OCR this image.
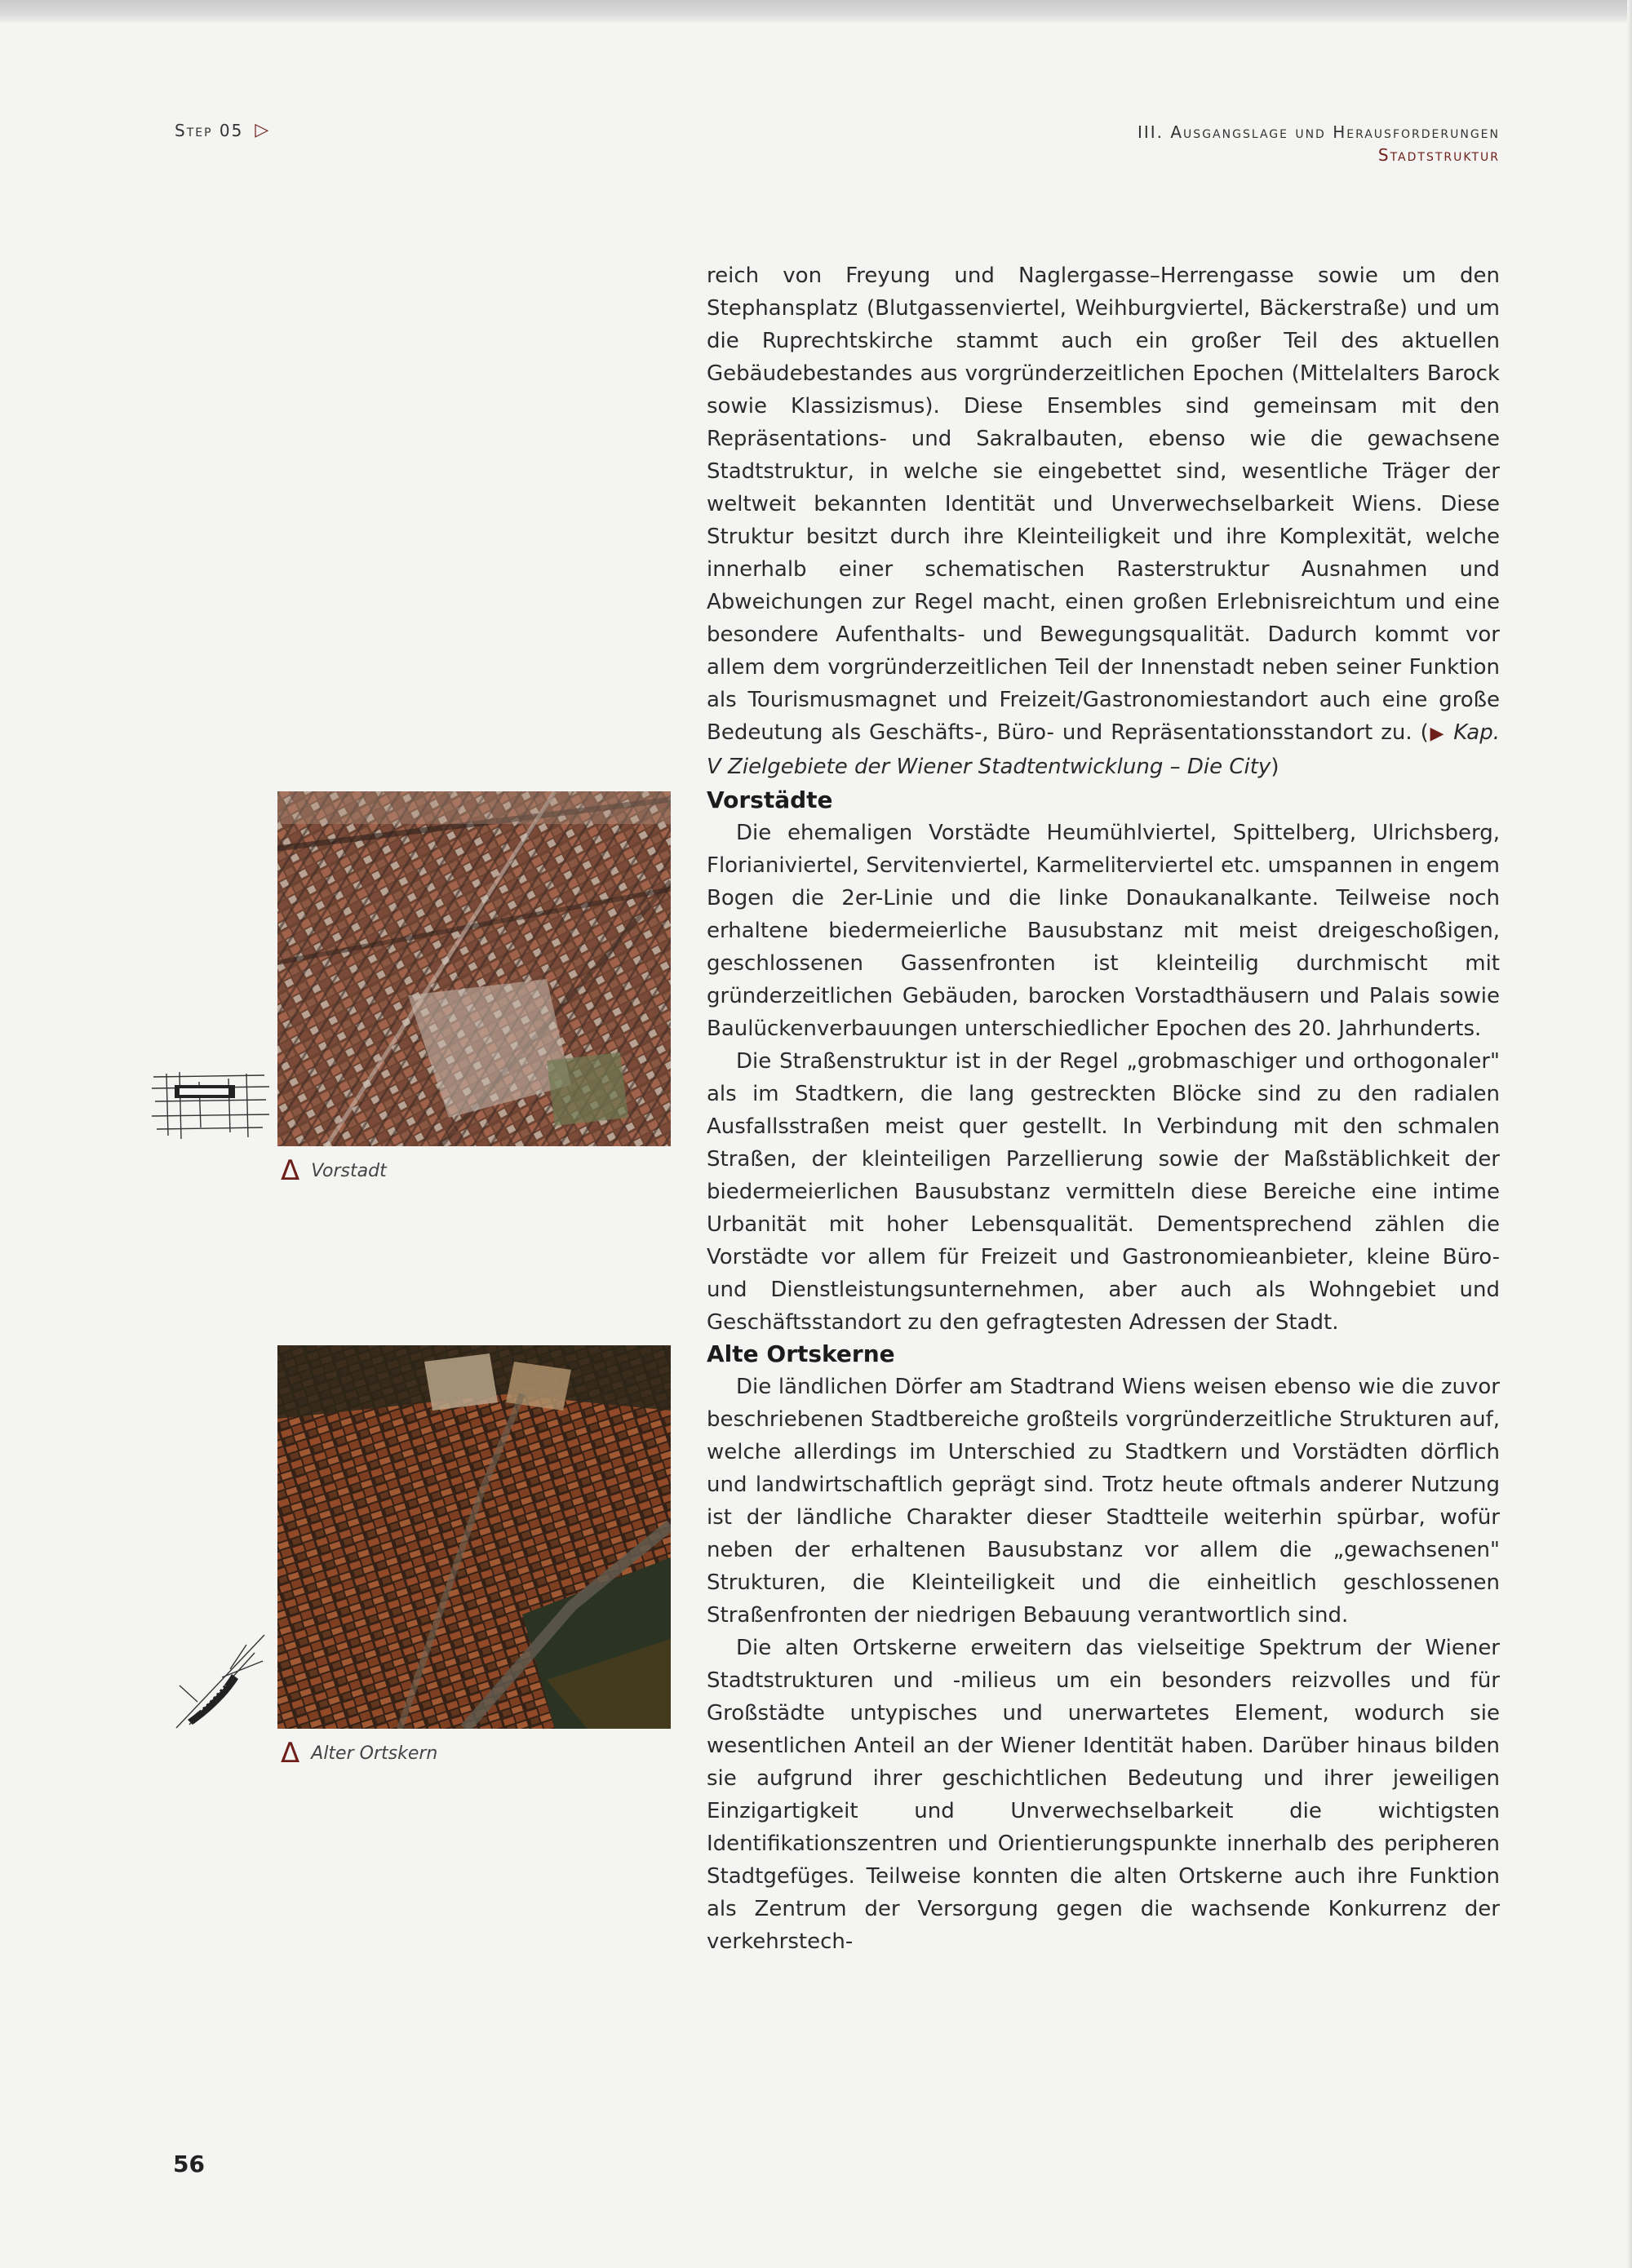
Step 05 ▷	III. Ausgangslage und Herausforderungen
Stadtstruktur

reich von Freyung und Naglergasse–Herrengasse sowie um den Stephansplatz (Blutgassenviertel, Weihburgviertel, Bäckerstraße) und um die Ruprechtskirche stammt auch ein großer Teil des aktuellen Gebäudebestandes aus vorgründerzeitlichen Epochen (Mittelalters Barock sowie Klassizismus). Diese Ensembles sind gemeinsam mit den Repräsentations- und Sakralbauten, ebenso wie die gewachsene Stadtstruktur, in welche sie eingebettet sind, wesentliche Träger der weltweit bekannten Identität und Unverwechselbarkeit Wiens. Diese Struktur besitzt durch ihre Kleinteiligkeit und ihre Komplexität, welche innerhalb einer schematischen Rasterstruktur Ausnahmen und Abweichungen zur Regel macht, einen großen Erlebnisreichtum und eine besondere Aufenthalts- und Bewegungsqualität. Dadurch kommt vor allem dem vorgründerzeitlichen Teil der Innenstadt neben seiner Funktion als Tourismusmagnet und Freizeit/Gastronomiestandort auch eine große Bedeutung als Geschäfts-, Büro- und Repräsentationsstandort zu. (▶ Kap. V Zielgebiete der Wiener Stadtentwicklung – Die City)

Vorstädte

Die ehemaligen Vorstädte Heumühlviertel, Spittelberg, Ulrichsberg, Florianiviertel, Servitenviertel, Karmeliterviertel etc. umspannen in engem Bogen die 2er-Linie und die linke Donaukanalkante. Teilweise noch erhaltene biedermeierliche Bausubstanz mit meist dreigeschoßigen, geschlossenen Gassenfronten ist kleinteilig durchmischt mit gründerzeitlichen Gebäuden, barocken Vorstadthäusern und Palais sowie Baulückenverbauungen unterschiedlicher Epochen des 20. Jahrhunderts.

Die Straßenstruktur ist in der Regel „grobmaschiger und orthogonaler" als im Stadtkern, die lang gestreckten Blöcke sind zu den radialen Ausfallsstraßen meist quer gestellt. In Verbindung mit den schmalen Straßen, der kleinteiligen Parzellierung sowie der Maßstäblichkeit der biedermeierlichen Bausubstanz vermitteln diese Bereiche eine intime Urbanität mit hoher Lebensqualität. Dementsprechend zählen die Vorstädte vor allem für Freizeit und Gastronomieanbieter, kleine Büro- und Dienstleistungsunternehmen, aber auch als Wohngebiet und Geschäftsstandort zu den gefragtesten Adressen der Stadt.

Alte Ortskerne

Die ländlichen Dörfer am Stadtrand Wiens weisen ebenso wie die zuvor beschriebenen Stadtbereiche großteils vorgründerzeitliche Strukturen auf, welche allerdings im Unterschied zu Stadtkern und Vorstädten dörflich und landwirtschaftlich geprägt sind. Trotz heute oftmals anderer Nutzung ist der ländliche Charakter dieser Stadtteile weiterhin spürbar, wofür neben der erhaltenen Bausubstanz vor allem die „gewachsenen" Strukturen, die Kleinteiligkeit und die einheitlich geschlossenen Straßenfronten der niedrigen Bebauung verantwortlich sind.

Die alten Ortskerne erweitern das vielseitige Spektrum der Wiener Stadtstrukturen und -milieus um ein besonders reizvolles und für Großstädte untypisches und unerwartetes Element, wodurch sie wesentlichen Anteil an der Wiener Identität haben. Darüber hinaus bilden sie aufgrund ihrer geschichtlichen Bedeutung und ihrer jeweiligen Einzigartigkeit und Unverwechselbarkeit die wichtigsten Identifikationszentren und Orientierungspunkte innerhalb des peripheren Stadtgefüges. Teilweise konnten die alten Ortskerne auch ihre Funktion als Zentrum der Versorgung gegen die wachsende Konkurrenz der verkehrstech-

Δ Vorstadt
Δ Alter Ortskern
56
